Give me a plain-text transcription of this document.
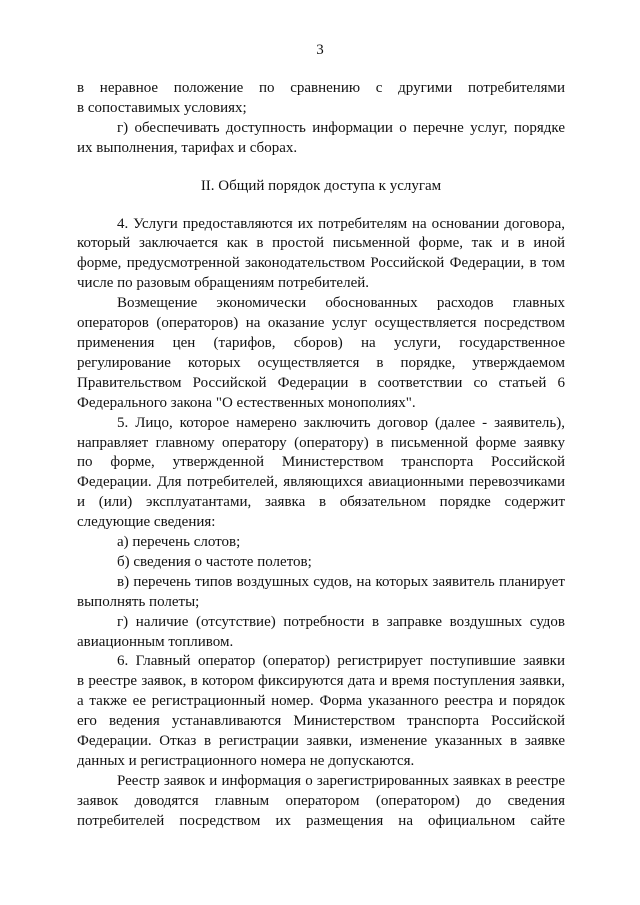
3

в неравное положение по сравнению с другими потребителями

в сопоставимых условиях;

г) обеспечивать доступность информации о перечне услуг, порядке

их выполнения, тарифах и сборах.

II. Общий порядок доступа к услугам

4. Услуги предоставляются их потребителям на основании договора,

который заключается как в простой письменной форме, так и в иной

форме, предусмотренной законодательством Российской Федерации, в том

числе по разовым обращениям потребителей.

Возмещение экономически обоснованных расходов главных

операторов (операторов) на оказание услуг осуществляется посредством

применения цен (тарифов, сборов) на услуги, государственное

регулирование которых осуществляется в порядке, утверждаемом

Правительством Российской Федерации в соответствии со статьей 6

Федерального закона "О естественных монополиях".

5. Лицо, которое намерено заключить договор (далее - заявитель),

направляет главному оператору (оператору) в письменной форме заявку

по форме, утвержденной Министерством транспорта Российской

Федерации. Для потребителей, являющихся авиационными перевозчиками

и (или) эксплуатантами, заявка в обязательном порядке содержит

следующие сведения:

а) перечень слотов;

б) сведения о частоте полетов;

в) перечень типов воздушных судов, на которых заявитель планирует

выполнять полеты;

г) наличие (отсутствие) потребности в заправке воздушных судов

авиационным топливом.

6. Главный оператор (оператор) регистрирует поступившие заявки

в реестре заявок, в котором фиксируются дата и время поступления заявки,

а также ее регистрационный номер. Форма указанного реестра и порядок

его ведения устанавливаются Министерством транспорта Российской

Федерации. Отказ в регистрации заявки, изменение указанных в заявке

данных и регистрационного номера не допускаются.

Реестр заявок и информация о зарегистрированных заявках в реестре

заявок доводятся главным оператором (оператором) до сведения

потребителей посредством их размещения на официальном сайте
